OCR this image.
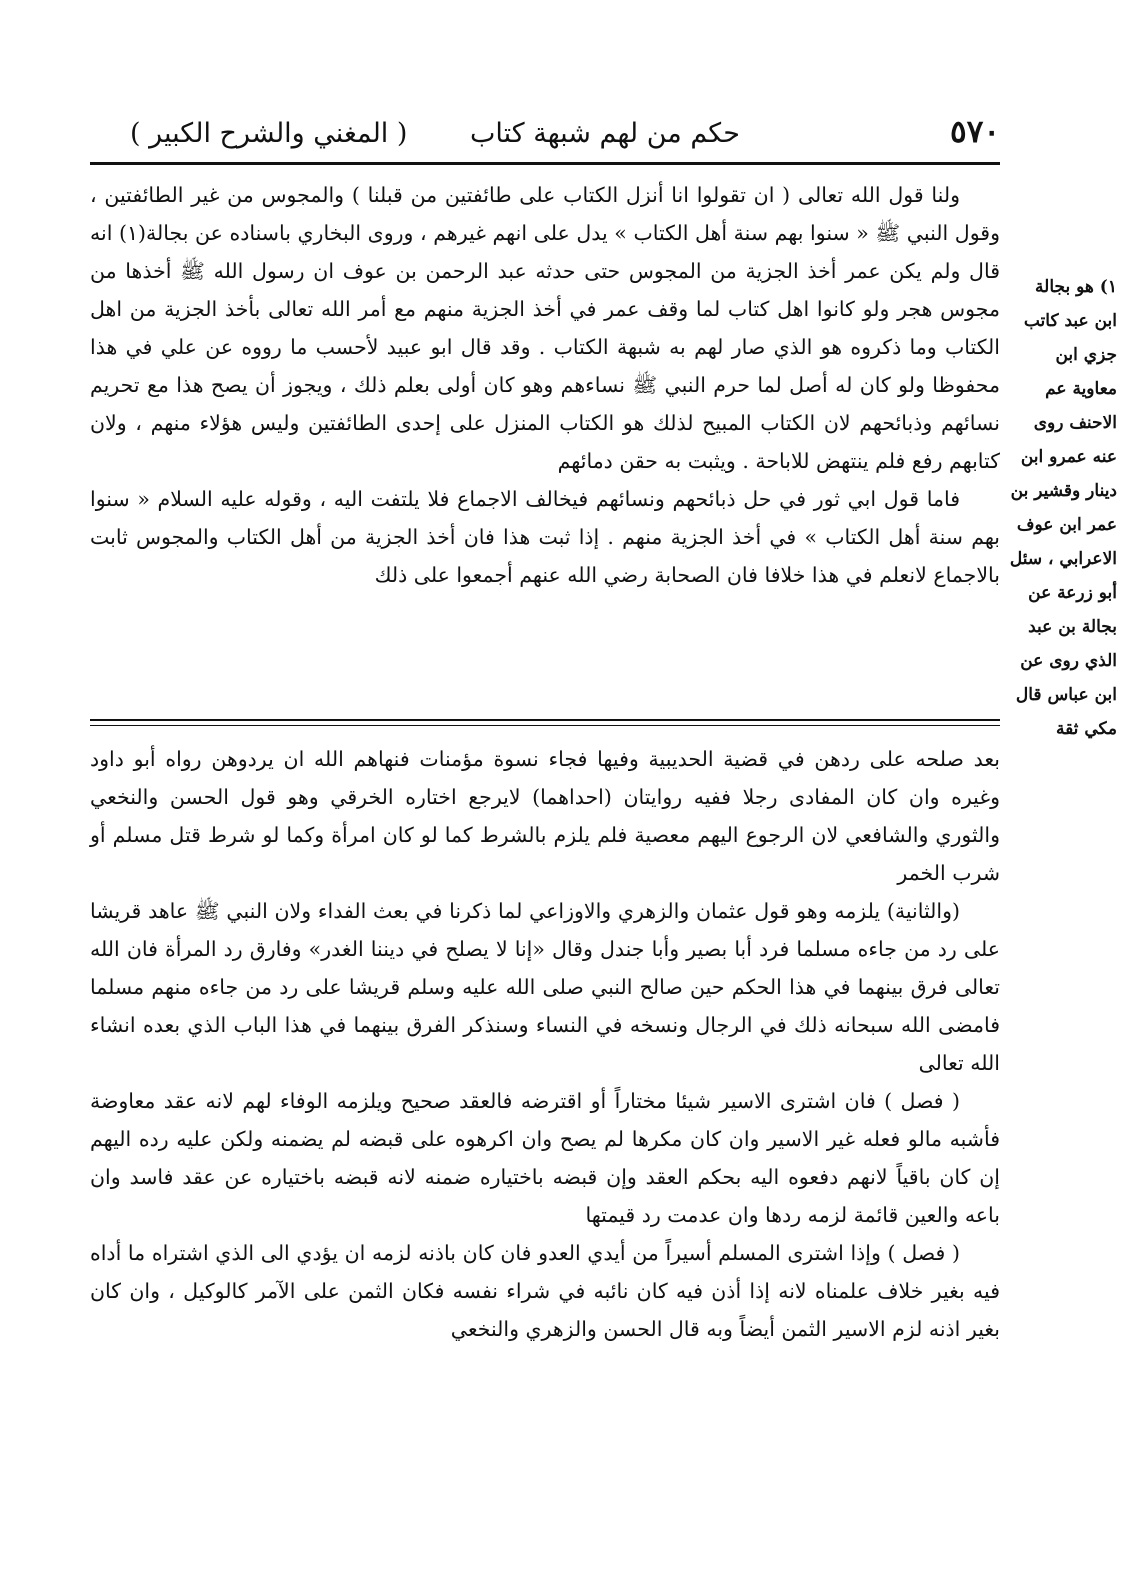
٥٧٠
حكم من لهم شبهة كتاب
( المغني والشرح الكبير )

ولنا قول الله تعالى ( ان تقولوا انا أنزل الكتاب على طائفتين من قبلنا ) والمجوس من غير الطائفتين ، وقول النبي ﷺ « سنوا بهم سنة أهل الكتاب » يدل على انهم غيرهم ، وروى البخاري باسناده عن بجالة(١) انه قال ولم يكن عمر أخذ الجزية من المجوس حتى حدثه عبد الرحمن بن عوف ان رسول الله ﷺ أخذها من مجوس هجر ولو كانوا اهل كتاب لما وقف عمر في أخذ الجزية منهم مع أمر الله تعالى بأخذ الجزية من اهل الكتاب وما ذكروه هو الذي صار لهم به شبهة الكتاب . وقد قال ابو عبيد لأحسب ما رووه عن علي في هذا محفوظا ولو كان له أصل لما حرم النبي ﷺ نساءهم وهو كان أولى بعلم ذلك ، ويجوز أن يصح هذا مع تحريم نسائهم وذبائحهم لان الكتاب المبيح لذلك هو الكتاب المنزل على إحدى الطائفتين وليس هؤلاء منهم ، ولان كتابهم رفع فلم ينتهض للاباحة . ويثبت به حقن دمائهم

فاما قول ابي ثور في حل ذبائحهم ونسائهم فيخالف الاجماع فلا يلتفت اليه ، وقوله عليه السلام « سنوا بهم سنة أهل الكتاب » في أخذ الجزية منهم . إذا ثبت هذا فان أخذ الجزية من أهل الكتاب والمجوس ثابت بالاجماع لانعلم في هذا خلافا فان الصحابة رضي الله عنهم أجمعوا على ذلك

١) هو بجالة ابن عبد كاتب جزي ابن معاوية عم الاحنف روى عنه عمرو ابن دينار وقشير بن عمر ابن عوف الاعرابي ، سئل أبو زرعة عن بجالة بن عبد الذي روى عن ابن عباس قال مكي ثقة

بعد صلحه على ردهن في قضية الحديبية وفيها فجاء نسوة مؤمنات فنهاهم الله ان يردوهن رواه أبو داود وغيره وان كان المفادى رجلا ففيه روايتان (احداهما) لايرجع اختاره الخرقي وهو قول الحسن والنخعي والثوري والشافعي لان الرجوع اليهم معصية فلم يلزم بالشرط كما لو كان امرأة وكما لو شرط قتل مسلم أو شرب الخمر

(والثانية) يلزمه وهو قول عثمان والزهري والاوزاعي لما ذكرنا في بعث الفداء ولان النبي ﷺ عاهد قريشا على رد من جاءه مسلما فرد أبا بصير وأبا جندل وقال «إنا لا يصلح في ديننا الغدر» وفارق رد المرأة فان الله تعالى فرق بينهما في هذا الحكم حين صالح النبي صلى الله عليه وسلم قريشا على رد من جاءه منهم مسلما فامضى الله سبحانه ذلك في الرجال ونسخه في النساء وسنذكر الفرق بينهما في هذا الباب الذي بعده انشاء الله تعالى

( فصل ) فان اشترى الاسير شيئا مختاراً أو اقترضه فالعقد صحيح ويلزمه الوفاء لهم لانه عقد معاوضة فأشبه مالو فعله غير الاسير وان كان مكرها لم يصح وان اكرهوه على قبضه لم يضمنه ولكن عليه رده اليهم إن كان باقياً لانهم دفعوه اليه بحكم العقد وإن قبضه باختياره ضمنه لانه قبضه باختياره عن عقد فاسد وان باعه والعين قائمة لزمه ردها وان عدمت رد قيمتها

( فصل ) وإذا اشترى المسلم أسيراً من أيدي العدو فان كان باذنه لزمه ان يؤدي الى الذي اشتراه ما أداه فيه بغير خلاف علمناه لانه إذا أذن فيه كان نائبه في شراء نفسه فكان الثمن على الآمر كالوكيل ، وان كان بغير اذنه لزم الاسير الثمن أيضاً وبه قال الحسن والزهري والنخعي
